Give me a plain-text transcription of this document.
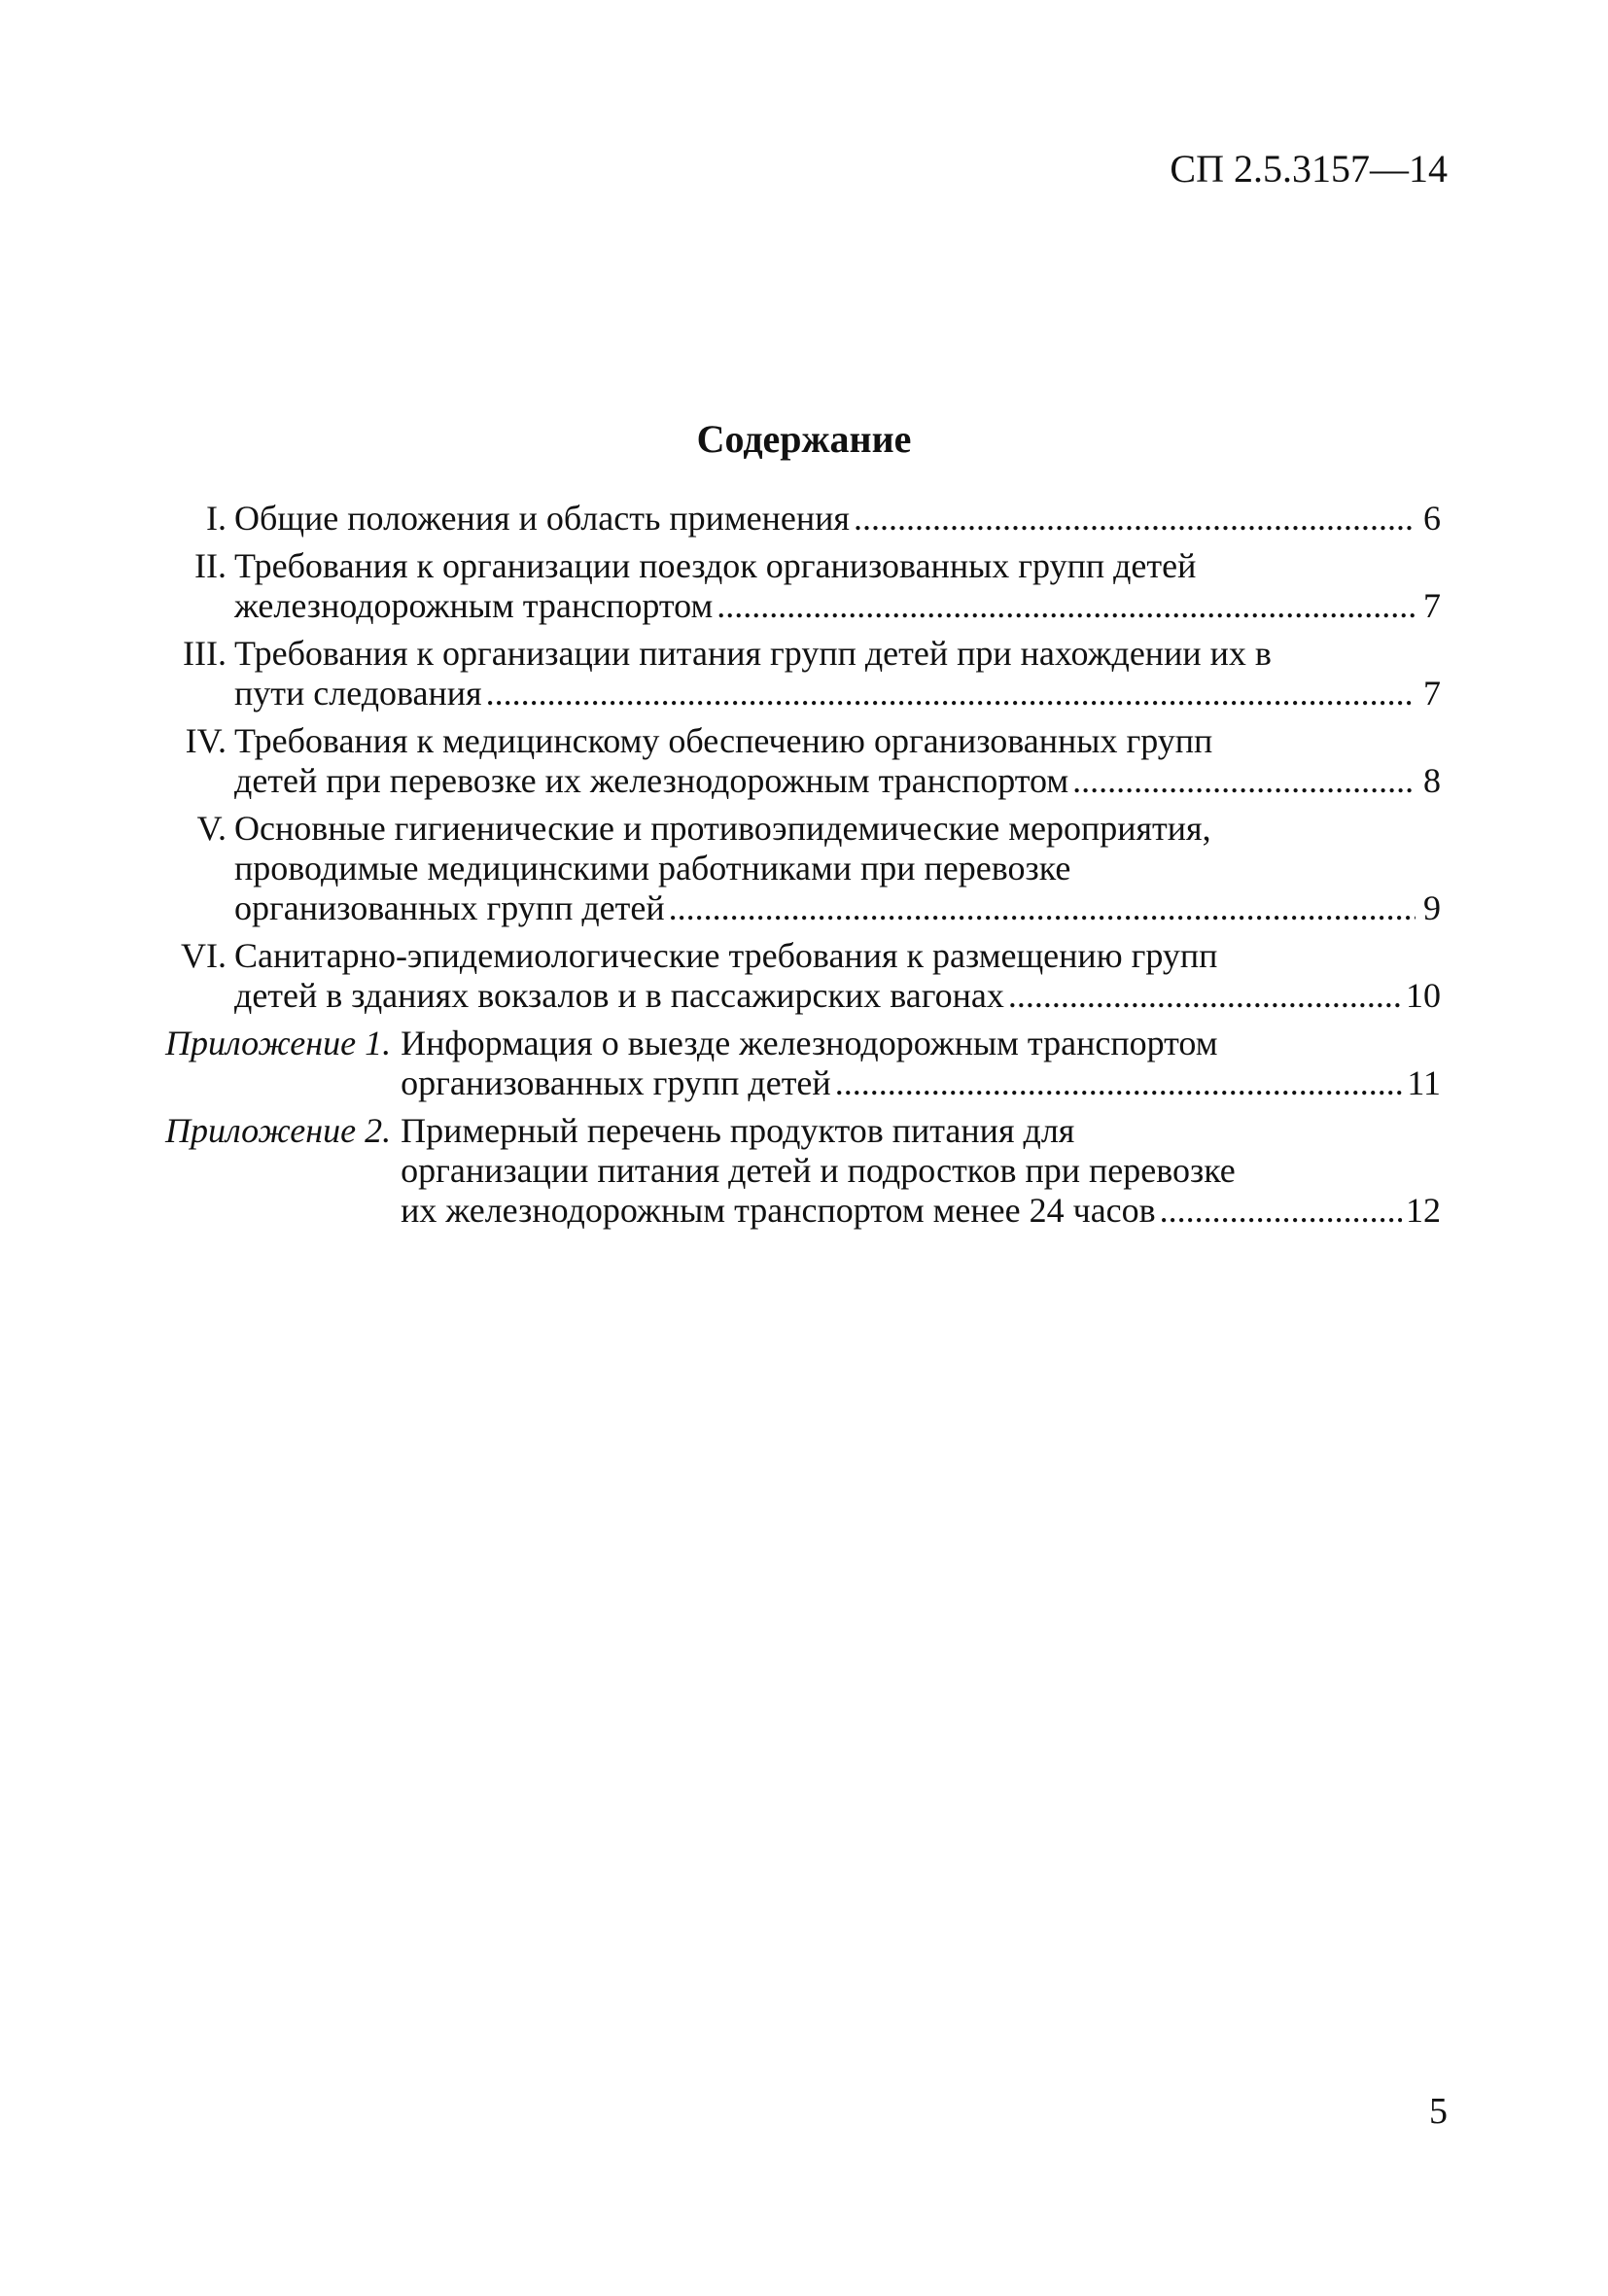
СП 2.5.3157—14
Содержание
I. Общие положения и область применения .....	6
II. Требования к организации поездок организованных групп детей
железнодорожным транспортом .....	7
III. Требования к организации питания групп детей при нахождении их в
пути следования .....	7
IV. Требования к медицинскому обеспечению организованных групп
детей при перевозке их железнодорожным транспортом .....	8
V. Основные гигиенические и противоэпидемические мероприятия,
проводимые медицинскими работниками при перевозке
организованных групп детей .....	9
VI. Санитарно-эпидемиологические требования к размещению групп
детей в зданиях вокзалов и в пассажирских вагонах .....	10
Приложение 1. Информация о выезде железнодорожным транспортом
организованных групп детей .....	11
Приложение 2. Примерный перечень продуктов питания для
организации питания детей и подростков при перевозке
их железнодорожным транспортом менее 24 часов .....	12
5
